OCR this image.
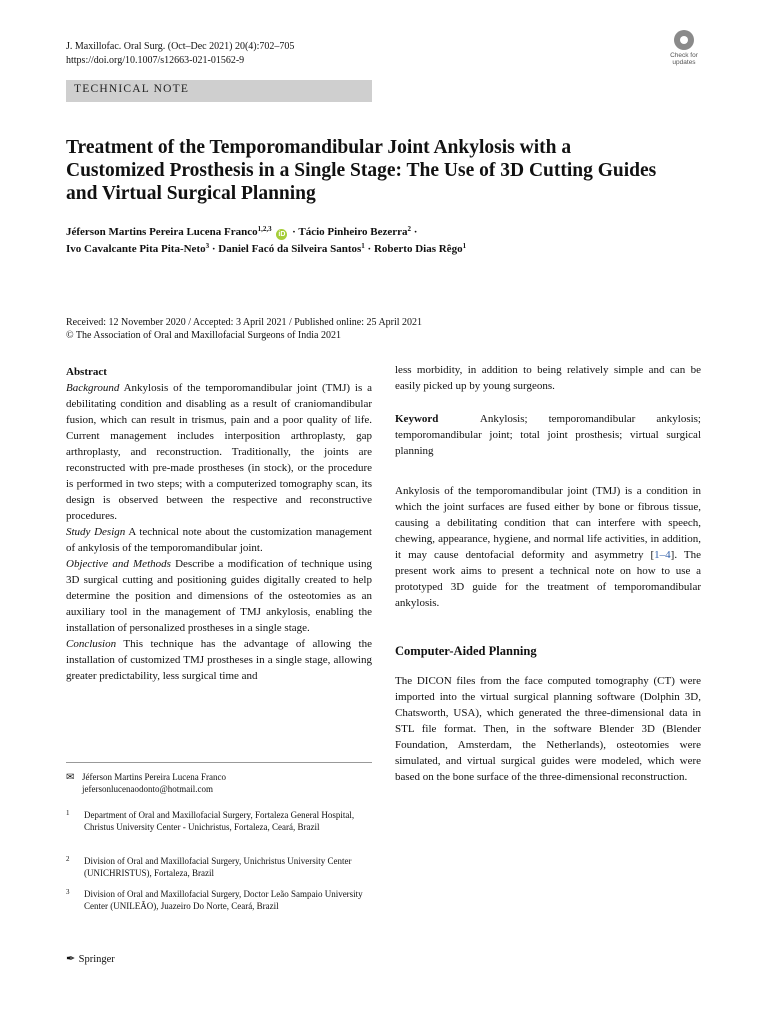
J. Maxillofac. Oral Surg. (Oct–Dec 2021) 20(4):702–705
https://doi.org/10.1007/s12663-021-01562-9	Check for
updates
TECHNICAL NOTE
Treatment of the Temporomandibular Joint Ankylosis with a Customized Prosthesis in a Single Stage: The Use of 3D Cutting Guides and Virtual Surgical Planning
Jéferson Martins Pereira Lucena Franco$^{1,2,3}$ iD · Tácio Pinheiro Bezerra$^2$ ·
Ivo Cavalcante Pita Pita-Neto$^3$ · Daniel Facó da Silveira Santos$^1$ · Roberto Dias Rêgo$^1$
Received: 12 November 2020 / Accepted: 3 April 2021 / Published online: 25 April 2021
© The Association of Oral and Maxillofacial Surgeons of India 2021
Abstract

Background Ankylosis of the temporomandibular joint (TMJ) is a debilitating condition and disabling as a result of craniomandibular fusion, which can result in trismus, pain and a poor quality of life. Current management includes interposition arthroplasty, gap arthroplasty, and reconstruction. Traditionally, the joints are reconstructed with pre-made prostheses (in stock), or the procedure is performed in two steps; with a computerized tomography scan, its design is observed between the respective and reconstructive procedures.

Study Design A technical note about the customization management of ankylosis of the temporomandibular joint.

Objective and Methods Describe a modification of technique using 3D surgical cutting and positioning guides digitally created to help determine the position and dimensions of the osteotomies as an auxiliary tool in the management of TMJ ankylosis, enabling the installation of personalized prostheses in a single stage.

Conclusion This technique has the advantage of allowing the installation of customized TMJ prostheses in a single stage, allowing greater predictability, less surgical time and

✉ Jéferson Martins Pereira Lucena Franco
jefersonlucenaodonto@hotmail.com
1 Department of Oral and Maxillofacial Surgery, Fortaleza General Hospital, Christus University Center - Unichristus, Fortaleza, Ceará, Brazil
2 Division of Oral and Maxillofacial Surgery, Unichristus University Center (UNICHRISTUS), Fortaleza, Brazil
3 Division of Oral and Maxillofacial Surgery, Doctor Leão Sampaio University Center (UNILEÃO), Juazeiro Do Norte, Ceará, Brazil
✒ Springer

less morbidity, in addition to being relatively simple and can be easily picked up by young surgeons.

Keyword	Ankylosis; temporomandibular ankylosis; temporomandibular joint; total joint prosthesis; virtual surgical planning

Ankylosis of the temporomandibular joint (TMJ) is a condition in which the joint surfaces are fused either by bone or fibrous tissue, causing a debilitating condition that can interfere with speech, chewing, appearance, hygiene, and normal life activities, in addition, it may cause dentofacial deformity and asymmetry [1–4]. The present work aims to present a technical note on how to use a prototyped 3D guide for the treatment of temporomandibular ankylosis.

Computer-Aided Planning

The DICON files from the face computed tomography (CT) were imported into the virtual surgical planning software (Dolphin 3D, Chatsworth, USA), which generated the three-dimensional data in STL file format. Then, in the software Blender 3D (Blender Foundation, Amsterdam, the Netherlands), osteotomies were simulated, and virtual surgical guides were modeled, which were based on the bone surface of the three-dimensional reconstruction.
